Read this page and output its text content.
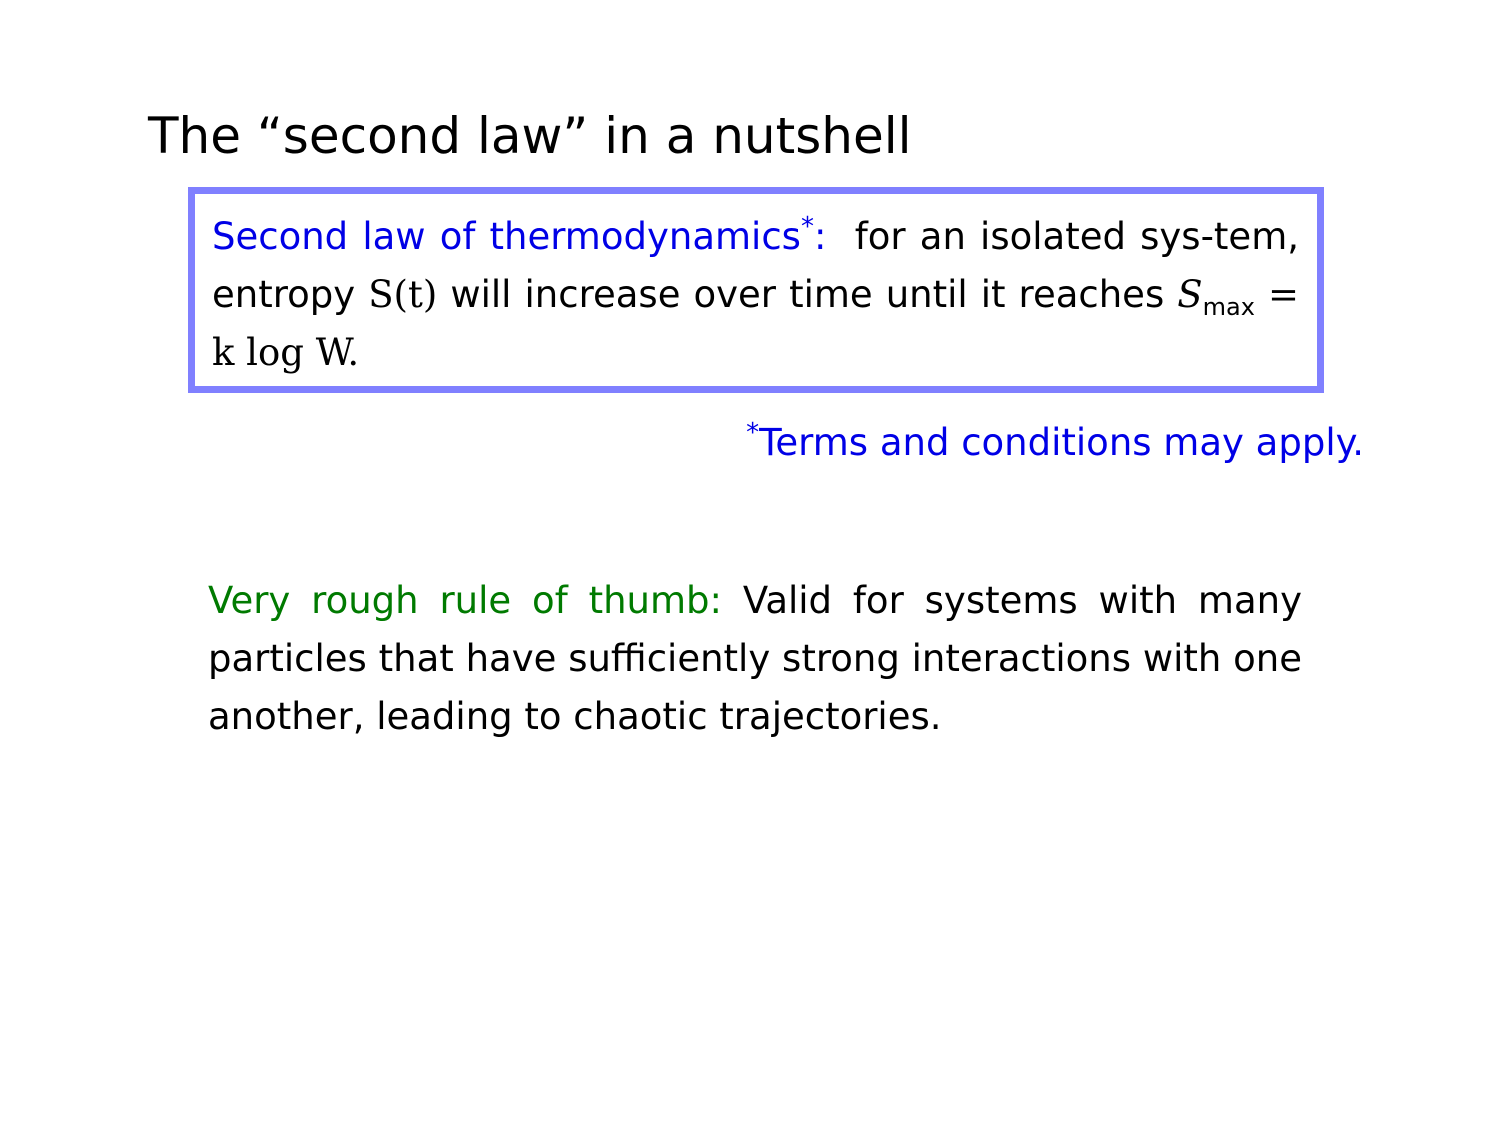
The “second law” in a nutshell

Second law of thermodynamics*: for an isolated sys-tem, entropy S(t) will increase over time until it reaches $S_{max} = k$ log W.

*Terms and conditions may apply.

Very rough rule of thumb: Valid for systems with many particles that have sufficiently strong interactions with one another, leading to chaotic trajectories.
